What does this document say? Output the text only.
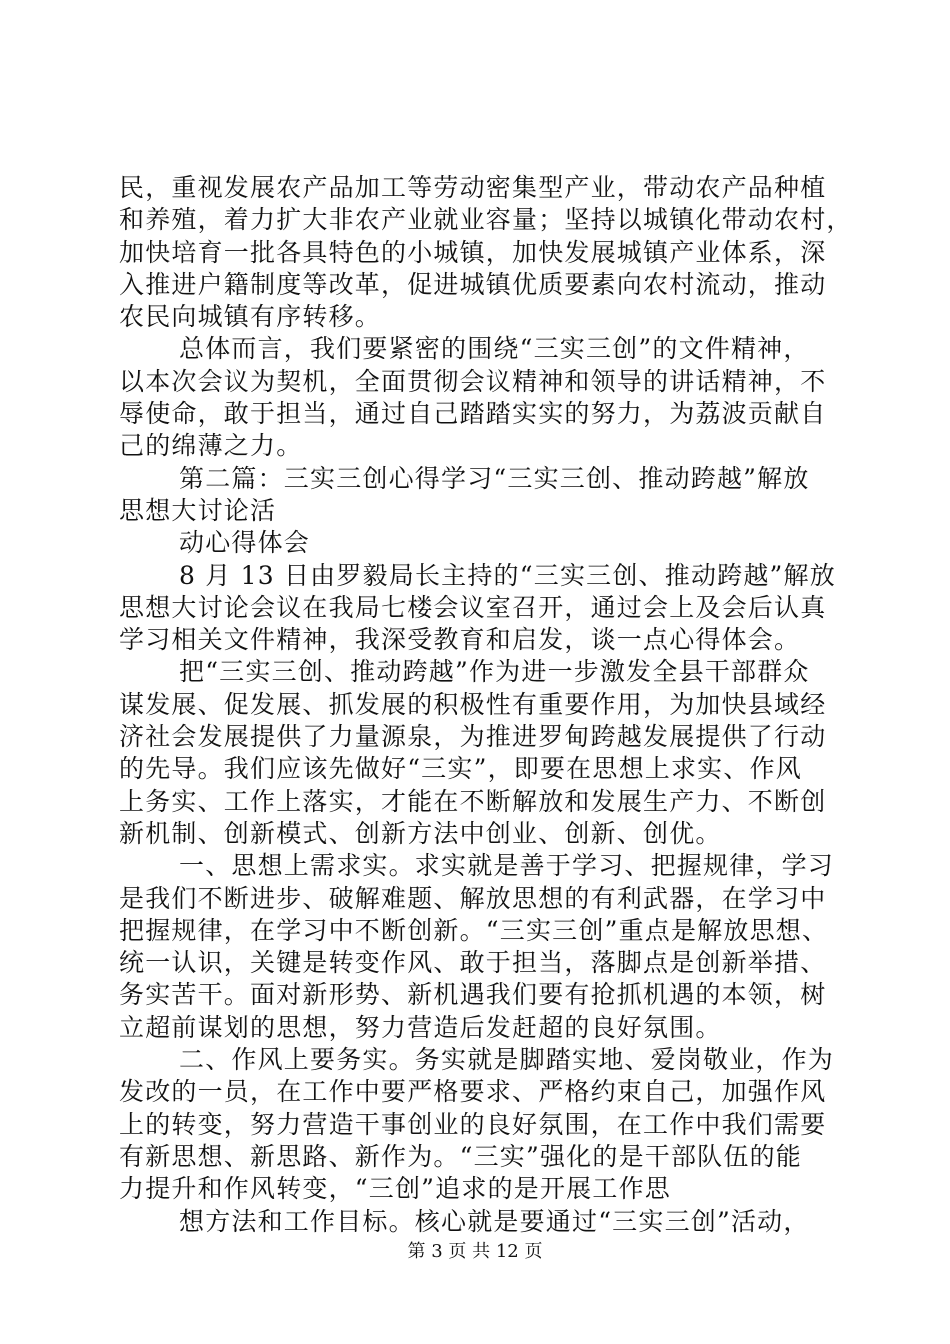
民，重视发展农产品加工等劳动密集型产业，带动农产品种植
和养殖，着力扩大非农产业就业容量；坚持以城镇化带动农村，
加快培育一批各具特色的小城镇，加快发展城镇产业体系，深
入推进户籍制度等改革，促进城镇优质要素向农村流动，推动
农民向城镇有序转移。
总体而言，我们要紧密的围绕“三实三创”的文件精神，
以本次会议为契机，全面贯彻会议精神和领导的讲话精神，不
辱使命，敢于担当，通过自己踏踏实实的努力，为荔波贡献自
己的绵薄之力。
第二篇：三实三创心得学习“三实三创、推动跨越”解放
思想大讨论活
动心得体会
8 月 13 日由罗毅局长主持的“三实三创、推动跨越”解放
思想大讨论会议在我局七楼会议室召开，通过会上及会后认真
学习相关文件精神，我深受教育和启发，谈一点心得体会。
把“三实三创、推动跨越”作为进一步激发全县干部群众
谋发展、促发展、抓发展的积极性有重要作用，为加快县域经
济社会发展提供了力量源泉，为推进罗甸跨越发展提供了行动
的先导。我们应该先做好“三实”，即要在思想上求实、作风
上务实、工作上落实，才能在不断解放和发展生产力、不断创
新机制、创新模式、创新方法中创业、创新、创优。
一、思想上需求实。求实就是善于学习、把握规律，学习
是我们不断进步、破解难题、解放思想的有利武器，在学习中
把握规律，在学习中不断创新。“三实三创”重点是解放思想、
统一认识，关键是转变作风、敢于担当，落脚点是创新举措、
务实苦干。面对新形势、新机遇我们要有抢抓机遇的本领，树
立超前谋划的思想，努力营造后发赶超的良好氛围。
二、作风上要务实。务实就是脚踏实地、爱岗敬业，作为
发改的一员，在工作中要严格要求、严格约束自己，加强作风
上的转变，努力营造干事创业的良好氛围，在工作中我们需要
有新思想、新思路、新作为。“三实”强化的是干部队伍的能
力提升和作风转变，“三创”追求的是开展工作思
想方法和工作目标。核心就是要通过“三实三创”活动，
第 3 页 共 12 页
